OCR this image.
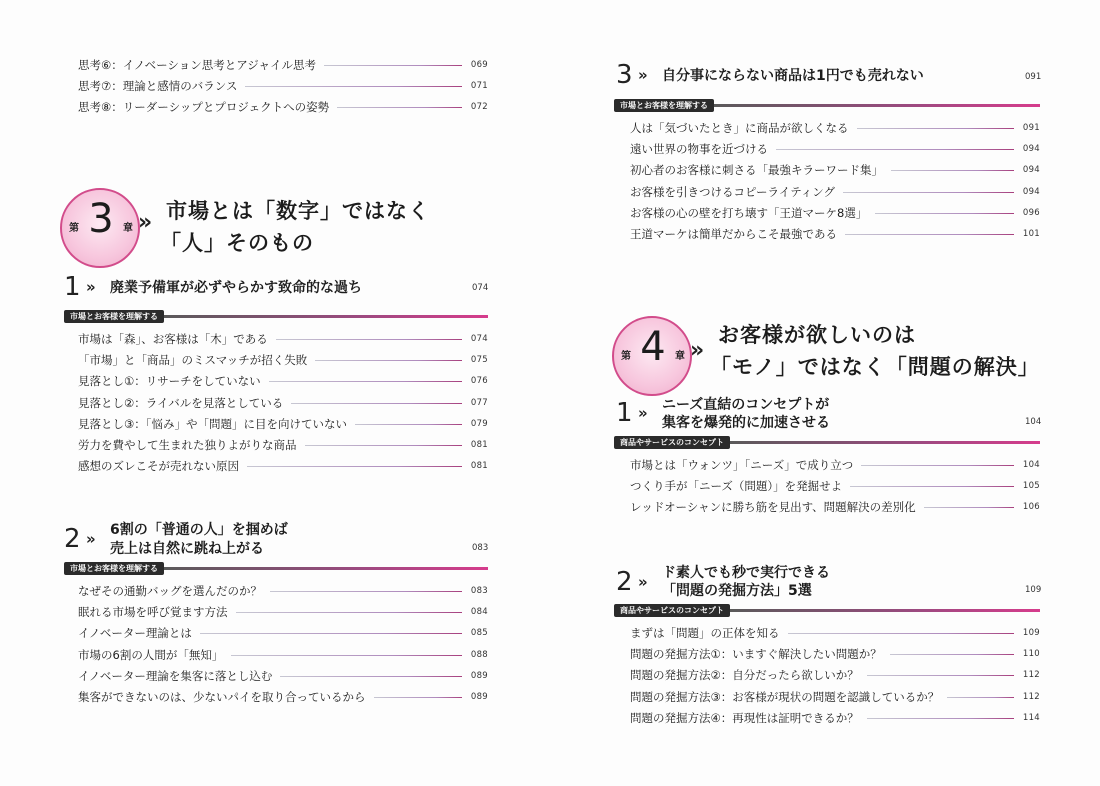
思考⑥：イノベーション思考とアジャイル思考	069
思考⑦：理論と感情のバランス	071
思考⑧：リーダーシップとプロジェクトへの姿勢	072
第 3 章 » 市場とは「数字」ではなく
「人」そのもの
1 » 廃業予備軍が必ずやらかす致命的な過ち	074
市場とお客様を理解する
市場は「森」、お客様は「木」である	074
「市場」と「商品」のミスマッチが招く失敗	075
見落とし①：リサーチをしていない	076
見落とし②：ライバルを見落としている	077
見落とし③：「悩み」や「問題」に目を向けていない	079
労力を費やして生まれた独りよがりな商品	081
感想のズレこそが売れない原因	081
2 » 6割の「普通の人」を掴めば
売上は自然に跳ね上がる	083
市場とお客様を理解する
なぜその通勤バッグを選んだのか？	083
眠れる市場を呼び覚ます方法	084
イノベーター理論とは	085
市場の6割の人間が「無知」	088
イノベーター理論を集客に落とし込む	089
集客ができないのは、少ないパイを取り合っているから	089
3 » 自分事にならない商品は1円でも売れない	091
市場とお客様を理解する
人は「気づいたとき」に商品が欲しくなる	091
遠い世界の物事を近づける	094
初心者のお客様に刺さる「最強キラーワード集」	094
お客様を引きつけるコピーライティング	094
お客様の心の壁を打ち壊す「王道マーケ8選」	096
王道マーケは簡単だからこそ最強である	101
第 4 章 »
お客様が欲しいのは
「モノ」ではなく「問題の解決」
1 » ニーズ直結のコンセプトが
集客を爆発的に加速させる	104
商品やサービスのコンセプト
市場とは「ウォンツ」「ニーズ」で成り立つ	104
つくり手が「ニーズ（問題）」を発掘せよ	105
レッドオーシャンに勝ち筋を見出す、問題解決の差別化	106
2 » ド素人でも秒で実行できる
「問題の発掘方法」5選	109
商品やサービスのコンセプト
まずは「問題」の正体を知る	109
問題の発掘方法①：いますぐ解決したい問題か？	110
問題の発掘方法②：自分だったら欲しいか？	112
問題の発掘方法③：お客様が現状の問題を認識しているか？	112
問題の発掘方法④：再現性は証明できるか？	114
